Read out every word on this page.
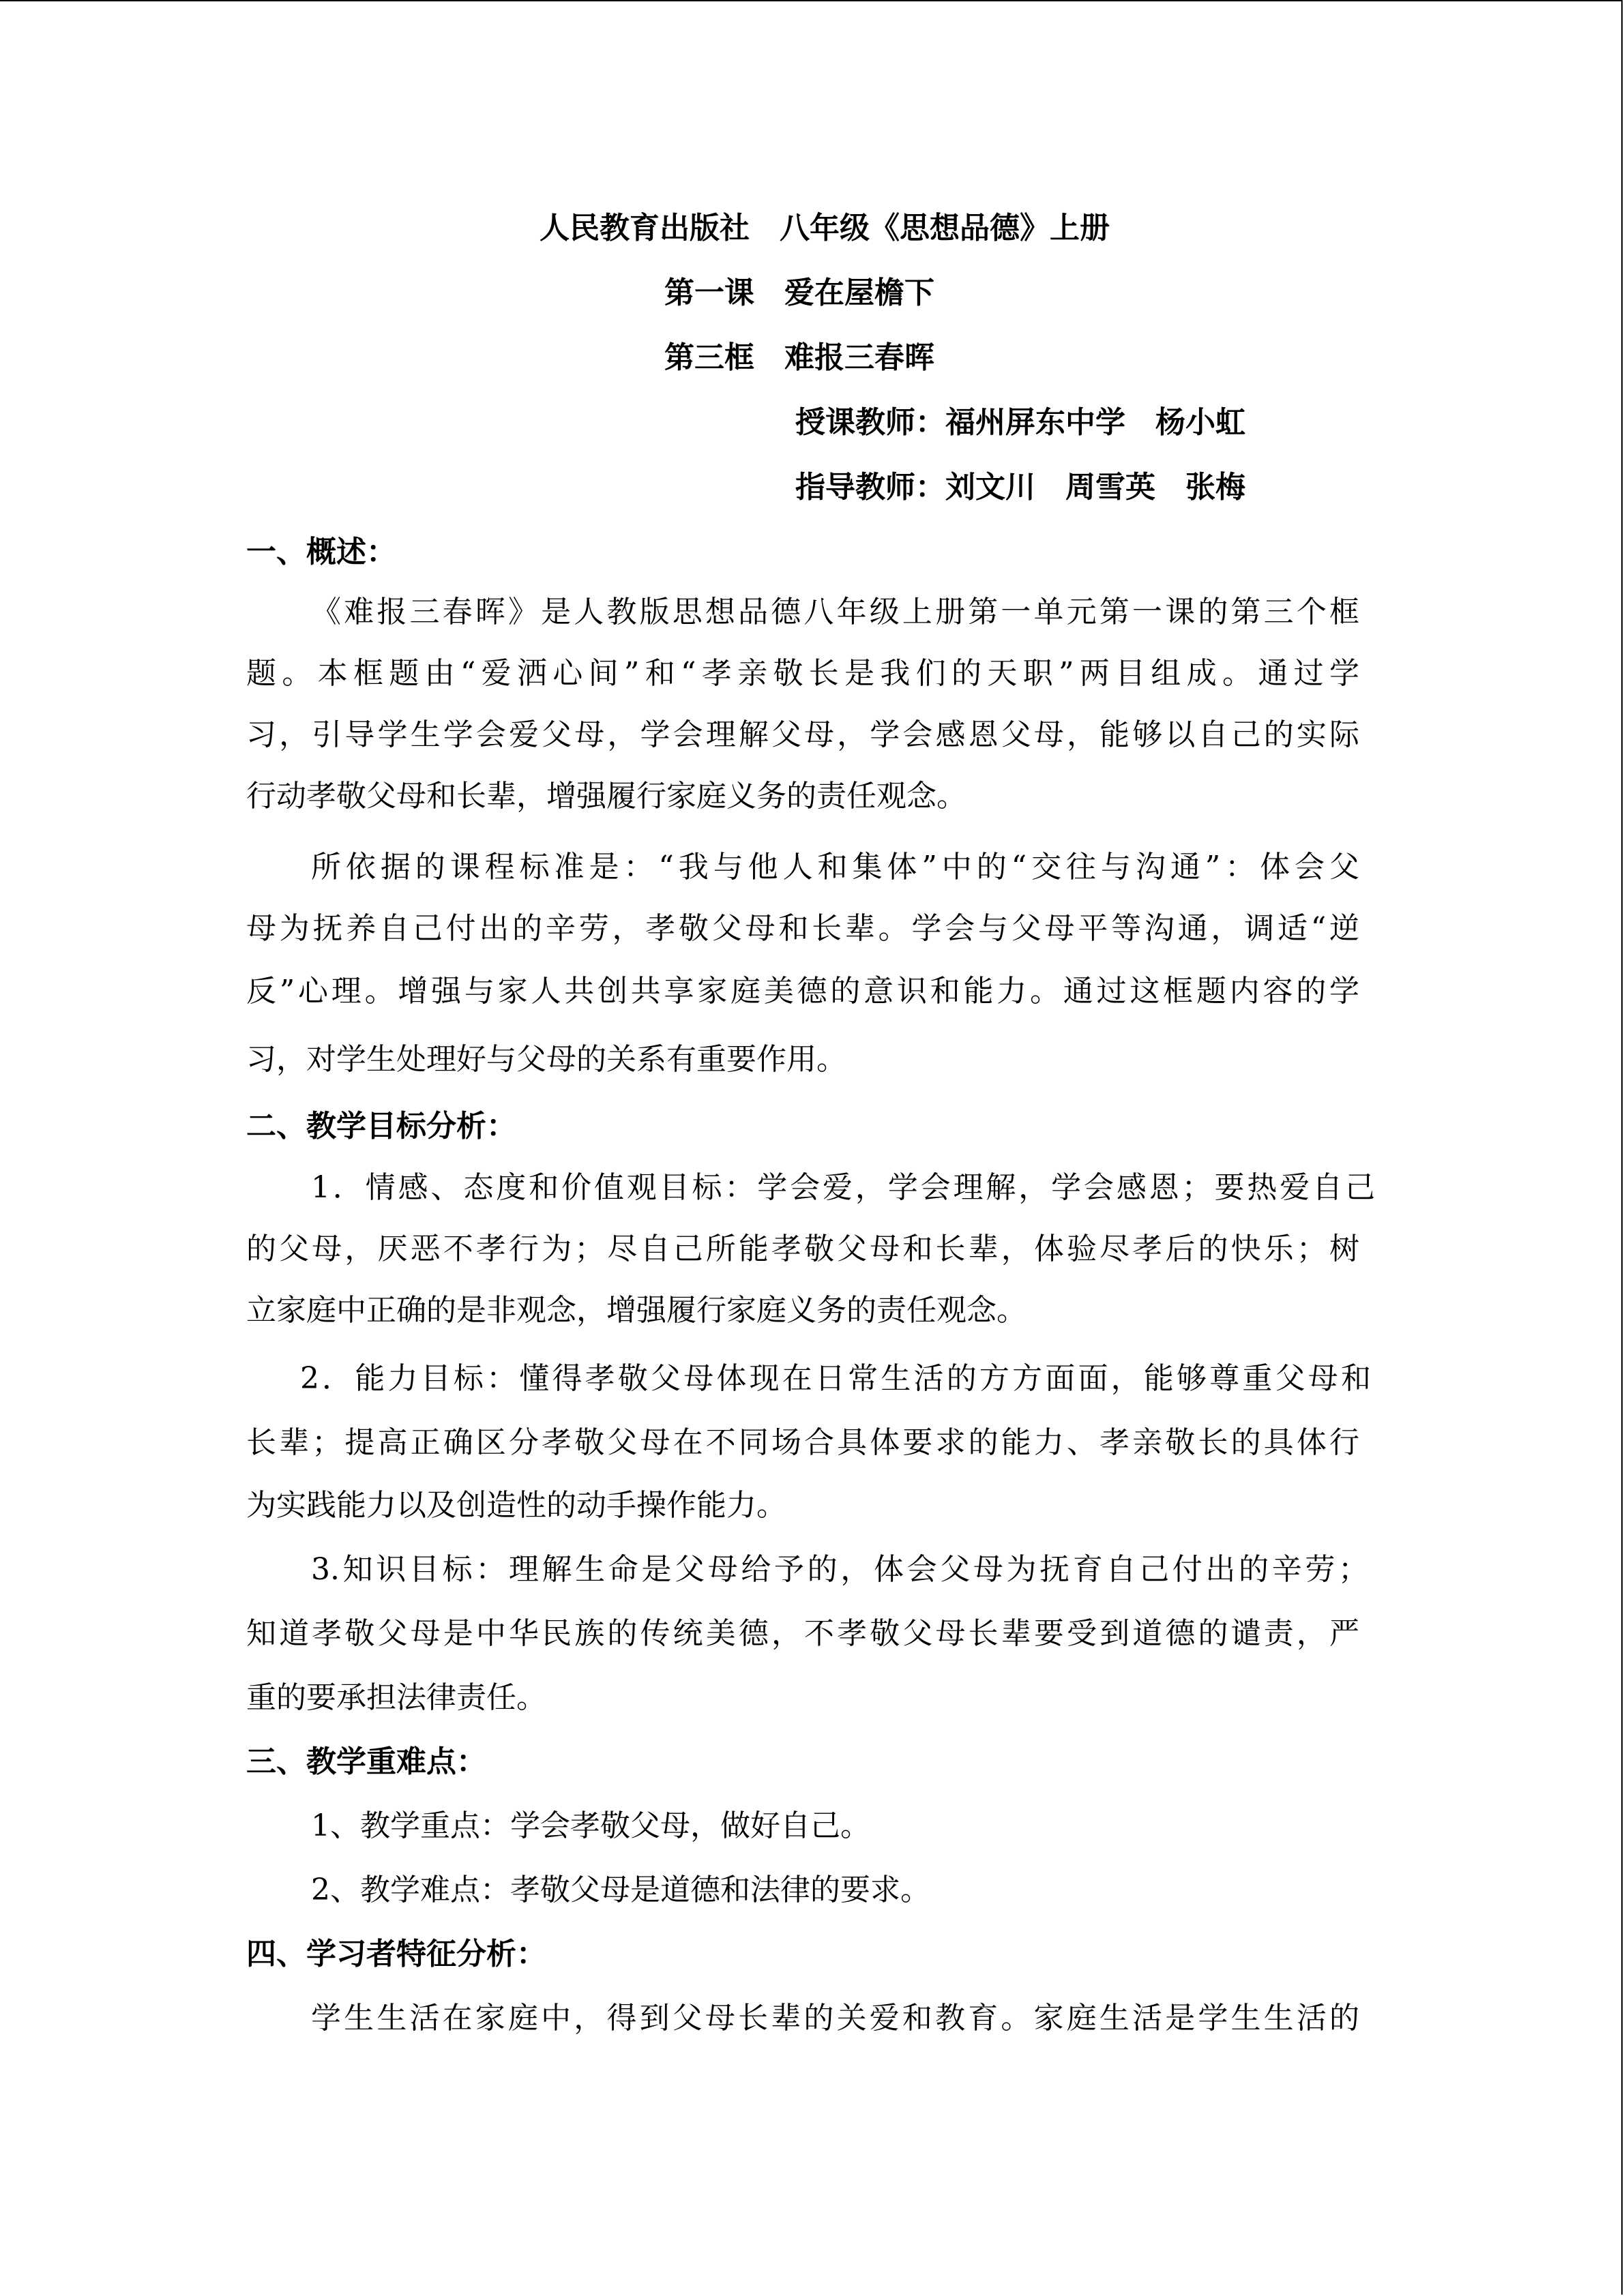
人民教育出版社　八年级《思想品德》上册
第一课　爱在屋檐下
第三框　难报三春晖
授课教师：福州屏东中学　杨小虹
指导教师：刘文川　周雪英　张梅
一、概述：
《难报三春晖》是人教版思想品德八年级上册第一单元第一课的第三个框
题。本框题由“爱洒心间”和“孝亲敬长是我们的天职”两目组成。通过学
习，引导学生学会爱父母，学会理解父母，学会感恩父母，能够以自己的实际
行动孝敬父母和长辈，增强履行家庭义务的责任观念。
所依据的课程标准是：“我与他人和集体”中的“交往与沟通”：体会父
母为抚养自己付出的辛劳，孝敬父母和长辈。学会与父母平等沟通，调适“逆
反”心理。增强与家人共创共享家庭美德的意识和能力。通过这框题内容的学
习，对学生处理好与父母的关系有重要作用。
二、教学目标分析：
1．情感、态度和价值观目标：学会爱，学会理解，学会感恩；要热爱自己
的父母，厌恶不孝行为；尽自己所能孝敬父母和长辈，体验尽孝后的快乐；树
立家庭中正确的是非观念，增强履行家庭义务的责任观念。
2．能力目标：懂得孝敬父母体现在日常生活的方方面面，能够尊重父母和
长辈；提高正确区分孝敬父母在不同场合具体要求的能力、孝亲敬长的具体行
为实践能力以及创造性的动手操作能力。
3.知识目标：理解生命是父母给予的，体会父母为抚育自己付出的辛劳；
知道孝敬父母是中华民族的传统美德，不孝敬父母长辈要受到道德的谴责，严
重的要承担法律责任。
三、教学重难点：
1、教学重点：学会孝敬父母，做好自己。
2、教学难点：孝敬父母是道德和法律的要求。
四、学习者特征分析：
学生生活在家庭中，得到父母长辈的关爱和教育。家庭生活是学生生活的
